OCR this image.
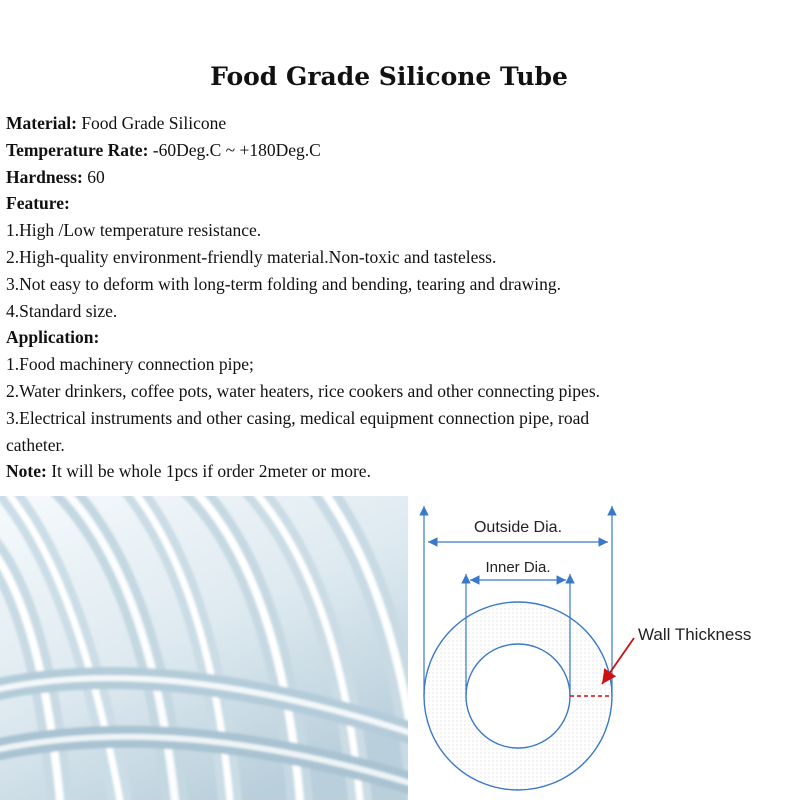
Food Grade Silicone Tube
Material: Food Grade Silicone
Temperature Rate: -60Deg.C ~ +180Deg.C
Hardness: 60
Feature:
1.High /Low temperature resistance.
2.High-quality environment-friendly material.Non-toxic and tasteless.
3.Not easy to deform with long-term folding and bending, tearing and drawing.
4.Standard size.
Application:
1.Food machinery connection pipe;
2.Water drinkers, coffee pots, water heaters, rice cookers and other connecting pipes.
3.Electrical instruments and other casing, medical equipment connection pipe, road
catheter.
Note: It will be whole 1pcs if order 2meter or more.
Outside Dia.
Inner Dia.
Wall Thickness
